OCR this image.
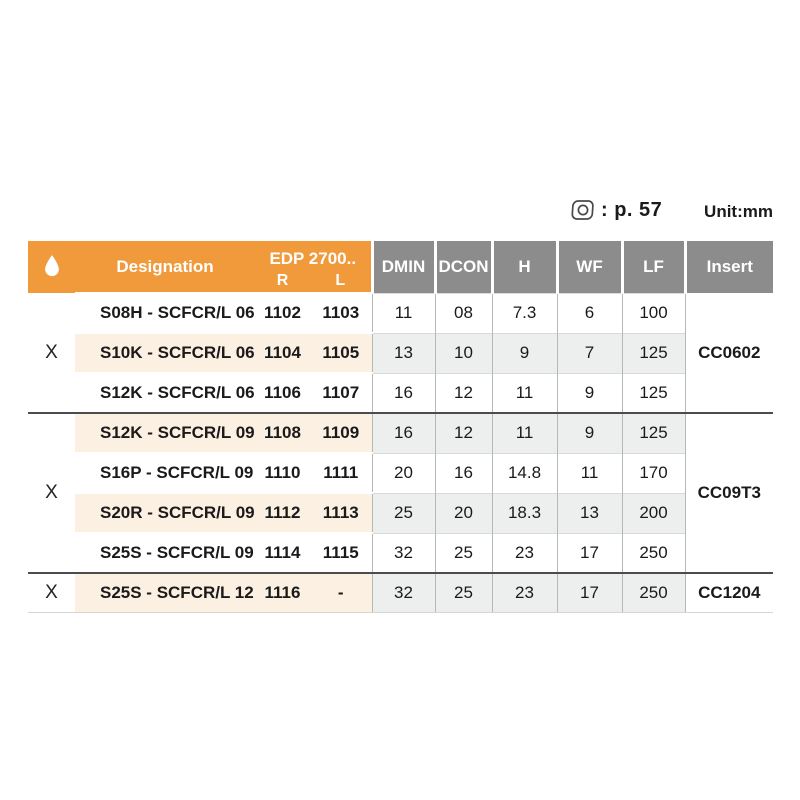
: p. 57 Unit:mm
	Designation	EDP 2700..		DMIN	DCON	H	WF	LF	Insert
		R	L						
X	S08H - SCFCR/L 06	1102	1103	11	08	7.3	6	100	CC0602
	S10K - SCFCR/L 06	1104	1105	13	10	9	7	125	
	S12K - SCFCR/L 06	1106	1107	16	12	11	9	125	
X	S12K - SCFCR/L 09	1108	1109	16	12	11	9	125	CC09T3
	S16P - SCFCR/L 09	1110	1111	20	16	14.8	11	170	
	S20R - SCFCR/L 09	1112	1113	25	20	18.3	13	200	
	S25S - SCFCR/L 09	1114	1115	32	25	23	17	250	
X	S25S - SCFCR/L 12	1116	-	32	25	23	17	250	CC1204
